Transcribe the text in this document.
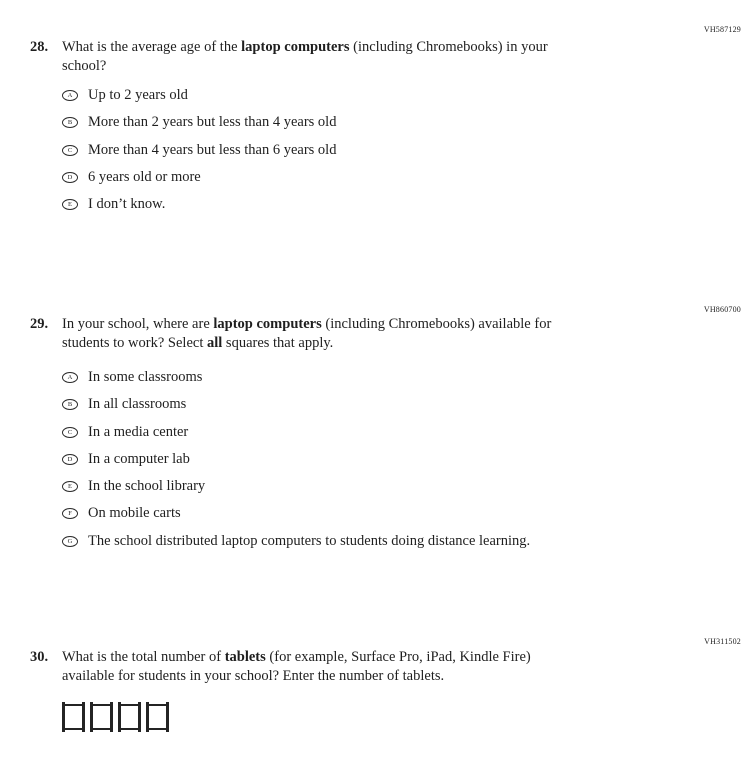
VH587129
VH860700
VH311502
28. What is the average age of the laptop computers (including Chromebooks) in your
school?
A	Up to 2 years old
B	More than 2 years but less than 4 years old
C	More than 4 years but less than 6 years old
D	6 years old or more
E	I don’t know.
29. In your school, where are laptop computers (including Chromebooks) available for
students to work? Select all squares that apply.
A	In some classrooms
B	In all classrooms
C	In a media center
D	In a computer lab
E	In the school library
F	On mobile carts
G	The school distributed laptop computers to students doing distance learning.
30. What is the total number of tablets (for example, Surface Pro, iPad, Kindle Fire)
available for students in your school? Enter the number of tablets.
